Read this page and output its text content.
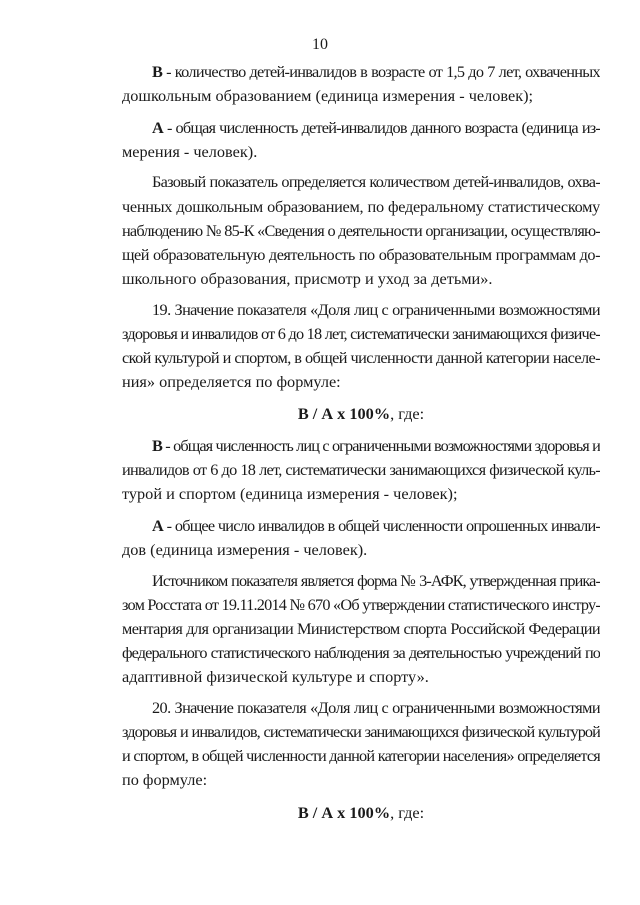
10
В - количество детей-инвалидов в возрасте от 1,5 до 7 лет, охваченных
дошкольным образованием (единица измерения - человек);
А - общая численность детей-инвалидов данного возраста (единица из-
мерения - человек).
Базовый показатель определяется количеством детей-инвалидов, охва-
ченных дошкольным образованием, по федеральному статистическому
наблюдению № 85-К «Сведения о деятельности организации, осуществляю-
щей образовательную деятельность по образовательным программам до-
школьного образования, присмотр и уход за детьми».
19. Значение показателя «Доля лиц с ограниченными возможностями
здоровья и инвалидов от 6 до 18 лет, систематически занимающихся физиче-
ской культурой и спортом, в общей численности данной категории населе-
ния» определяется по формуле:
В / А x 100%, где:
В - общая численность лиц с ограниченными возможностями здоровья и
инвалидов от 6 до 18 лет, систематически занимающихся физической куль-
турой и спортом (единица измерения - человек);
А - общее число инвалидов в общей численности опрошенных инвали-
дов (единица измерения - человек).
Источником показателя является форма № 3-АФК, утвержденная прика-
зом Росстата от 19.11.2014 № 670 «Об утверждении статистического инстру-
ментария для организации Министерством спорта Российской Федерации
федерального статистического наблюдения за деятельностью учреждений по
адаптивной физической культуре и спорту».
20. Значение показателя «Доля лиц с ограниченными возможностями
здоровья и инвалидов, систематически занимающихся физической культурой
и спортом, в общей численности данной категории населения» определяется
по формуле:
В / А x 100%, где:
